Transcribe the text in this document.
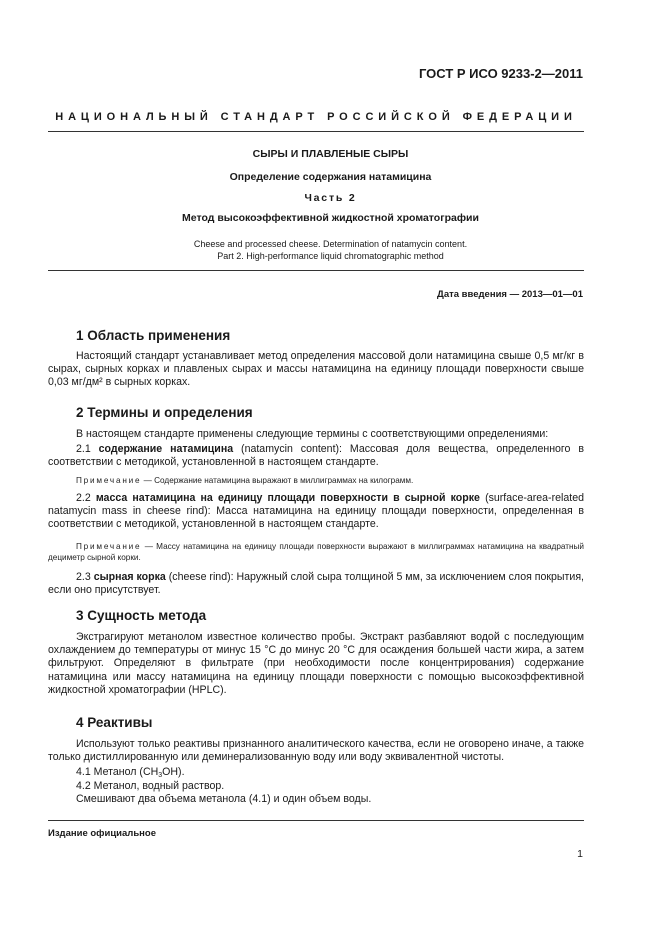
ГОСТ Р ИСО 9233-2—2011
НАЦИОНАЛЬНЫЙ СТАНДАРТ РОССИЙСКОЙ ФЕДЕРАЦИИ
СЫРЫ И ПЛАВЛЕНЫЕ СЫРЫ
Определение содержания натамицина
Часть 2
Метод высокоэффективной жидкостной хроматографии
Cheese and processed cheese. Determination of natamycin content.
Part 2. High-performance liquid chromatographic method
Дата введения — 2013—01—01
1 Область применения
Настоящий стандарт устанавливает метод определения массовой доли натамицина свыше 0,5 мг/кг в сырах, сырных корках и плавленых сырах и массы натамицина на единицу площади поверхности свыше 0,03 мг/дм² в сырных корках.
2 Термины и определения
В настоящем стандарте применены следующие термины с соответствующими определениями:
2.1 содержание натамицина (natamycin content): Массовая доля вещества, определенного в соответствии с методикой, установленной в настоящем стандарте.
Примечание — Содержание натамицина выражают в миллиграммах на килограмм.
2.2 масса натамицина на единицу площади поверхности в сырной корке (surface-area-related natamycin mass in cheese rind): Масса натамицина на единицу площади поверхности, определенная в соответствии с методикой, установленной в настоящем стандарте.
Примечание — Массу натамицина на единицу площади поверхности выражают в миллиграммах натамицина на квадратный дециметр сырной корки.
2.3 сырная корка (cheese rind): Наружный слой сыра толщиной 5 мм, за исключением слоя покрытия, если оно присутствует.
3 Сущность метода
Экстрагируют метанолом известное количество пробы. Экстракт разбавляют водой с последующим охлаждением до температуры от минус 15 °С до минус 20 °С для осаждения большей части жира, а затем фильтруют. Определяют в фильтрате (при необходимости после концентрирования) содержание натамицина или массу натамицина на единицу площади поверхности с помощью высокоэффективной жидкостной хроматографии (HPLC).
4 Реактивы
Используют только реактивы признанного аналитического качества, если не оговорено иначе, а также только дистиллированную или деминерализованную воду или воду эквивалентной чистоты.
4.1 Метанол $(CH_3OH)$.
4.2 Метанол, водный раствор.
Смешивают два объема метанола (4.1) и один объем воды.
Издание официальное
1
